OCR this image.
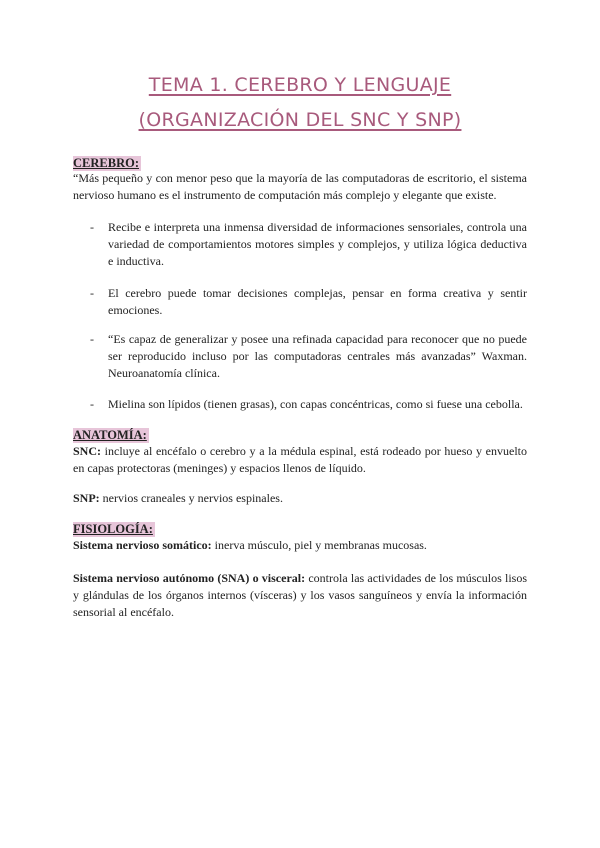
TEMA 1. CEREBRO Y LENGUAJE
(ORGANIZACIÓN DEL SNC Y SNP)
CEREBRO:
“Más pequeño y con menor peso que la mayoría de las computadoras de escritorio, el sistema nervioso humano es el instrumento de computación más complejo y elegante que existe.
- Recibe e interpreta una inmensa diversidad de informaciones sensoriales, controla una variedad de comportamientos motores simples y complejos, y utiliza lógica deductiva e inductiva.
- El cerebro puede tomar decisiones complejas, pensar en forma creativa y sentir emociones.
- “Es capaz de generalizar y posee una refinada capacidad para reconocer que no puede ser reproducido incluso por las computadoras centrales más avanzadas” Waxman. Neuroanatomía clínica.
- Mielina son lípidos (tienen grasas), con capas concéntricas, como si fuese una cebolla.
ANATOMÍA:
SNC: incluye al encéfalo o cerebro y a la médula espinal, está rodeado por hueso y envuelto en capas protectoras (meninges) y espacios llenos de líquido.
SNP: nervios craneales y nervios espinales.
FISIOLOGÍA:
Sistema nervioso somático: inerva músculo, piel y membranas mucosas.
Sistema nervioso autónomo (SNA) o visceral: controla las actividades de los músculos lisos y glándulas de los órganos internos (vísceras) y los vasos sanguíneos y envía la información sensorial al encéfalo.
